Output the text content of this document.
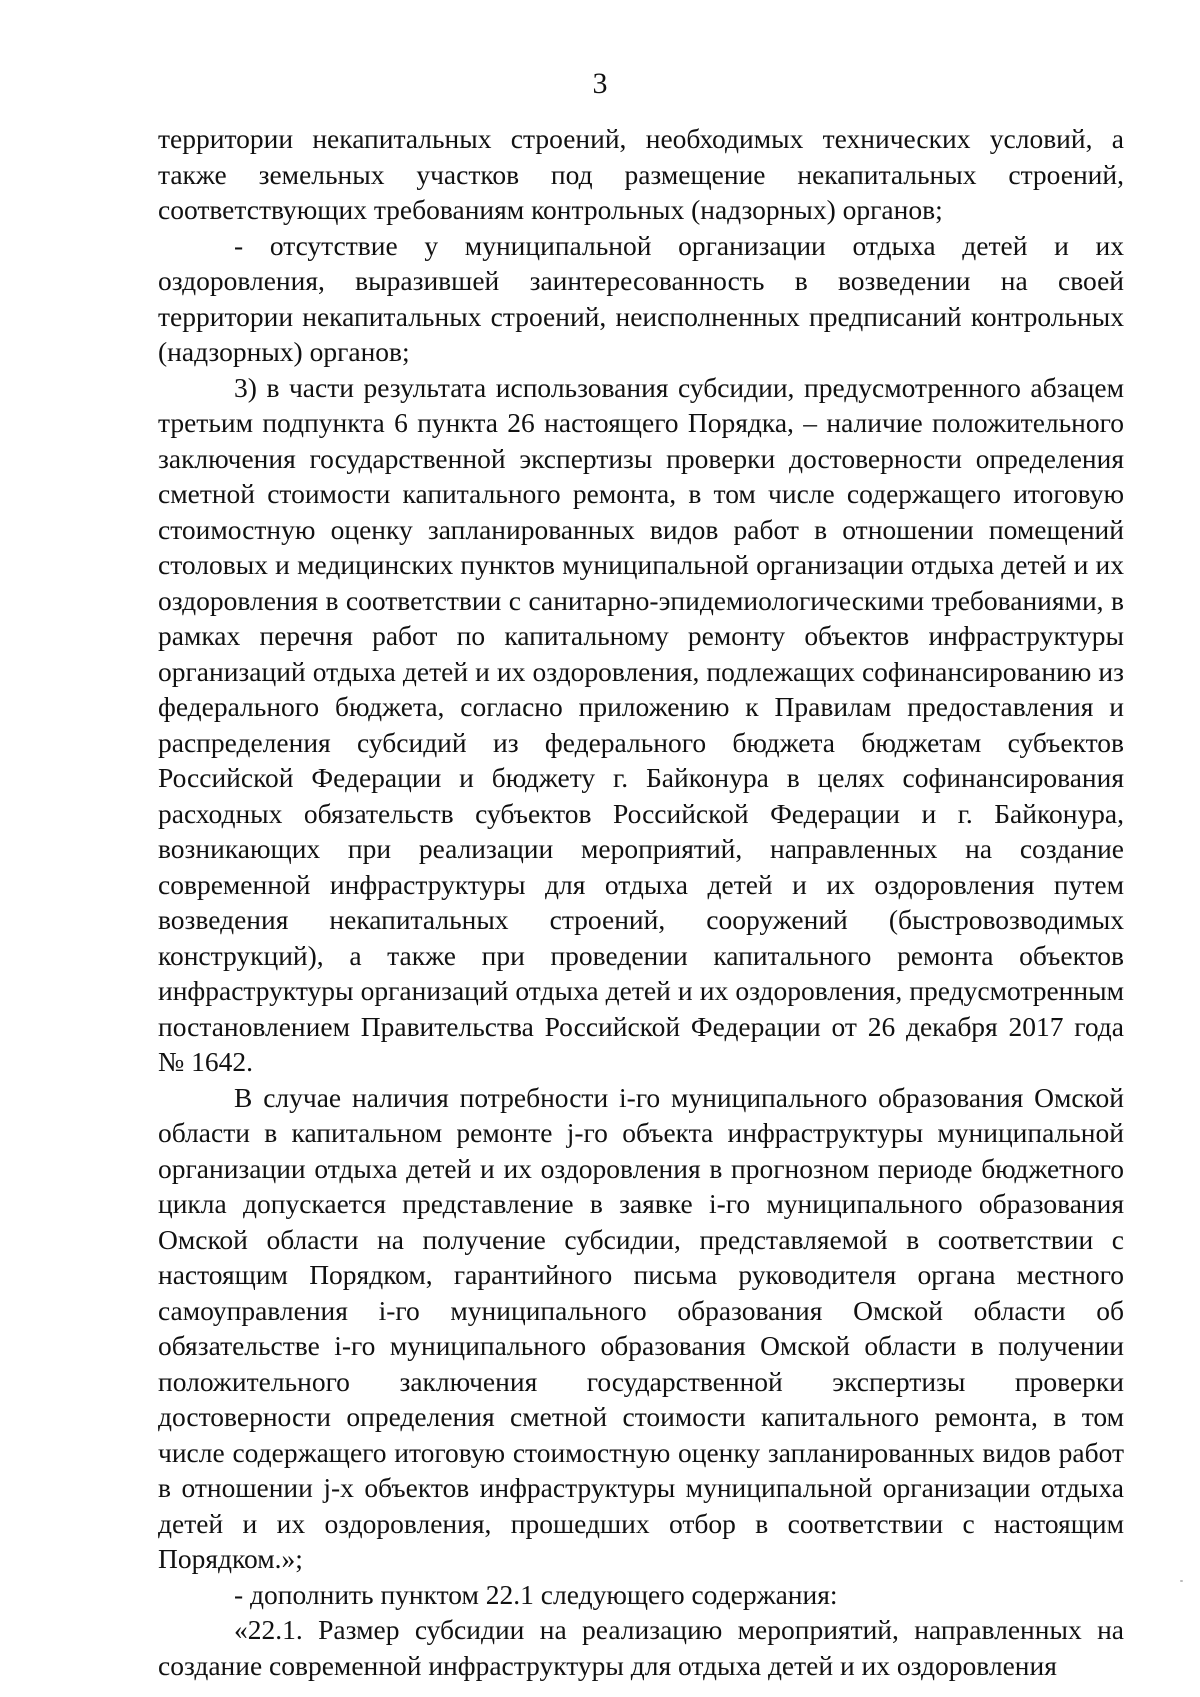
3

территории некапитальных строений, необходимых технических условий, а также земельных участков под размещение некапитальных строений, соответствующих требованиям контрольных (надзорных) органов;

- отсутствие у муниципальной организации отдыха детей и их оздоровления, выразившей заинтересованность в возведении на своей территории некапитальных строений, неисполненных предписаний контрольных (надзорных) органов;

3) в части результата использования субсидии, предусмотренного абзацем третьим подпункта 6 пункта 26 настоящего Порядка, – наличие положительного заключения государственной экспертизы проверки достоверности определения сметной стоимости капитального ремонта, в том числе содержащего итоговую стоимостную оценку запланированных видов работ в отношении помещений столовых и медицинских пунктов муниципальной организации отдыха детей и их оздоровления в соответствии с санитарно-эпидемиологическими требованиями, в рамках перечня работ по капитальному ремонту объектов инфраструктуры организаций отдыха детей и их оздоровления, подлежащих софинансированию из федерального бюджета, согласно приложению к Правилам предоставления и распределения субсидий из федерального бюджета бюджетам субъектов Российской Федерации и бюджету г. Байконура в целях софинансирования расходных обязательств субъектов Российской Федерации и г. Байконура, возникающих при реализации мероприятий, направленных на создание современной инфраструктуры для отдыха детей и их оздоровления путем возведения некапитальных строений, сооружений (быстровозводимых конструкций), а также при проведении капитального ремонта объектов инфраструктуры организаций отдыха детей и их оздоровления, предусмотренным постановлением Правительства Российской Федерации от 26 декабря 2017 года № 1642.

В случае наличия потребности i-го муниципального образования Омской области в капитальном ремонте j-го объекта инфраструктуры муниципальной организации отдыха детей и их оздоровления в прогнозном периоде бюджетного цикла допускается представление в заявке i-го муниципального образования Омской области на получение субсидии, представляемой в соответствии с настоящим Порядком, гарантийного письма руководителя органа местного самоуправления i-го муниципального образования Омской области об обязательстве i-го муниципального образования Омской области в получении положительного заключения государственной экспертизы проверки достоверности определения сметной стоимости капитального ремонта, в том числе содержащего итоговую стоимостную оценку запланированных видов работ в отношении j-х объектов инфраструктуры муниципальной организации отдыха детей и их оздоровления, прошедших отбор в соответствии с настоящим Порядком.»;

- дополнить пунктом 22.1 следующего содержания:

«22.1. Размер субсидии на реализацию мероприятий, направленных на создание современной инфраструктуры для отдыха детей и их оздоровления
